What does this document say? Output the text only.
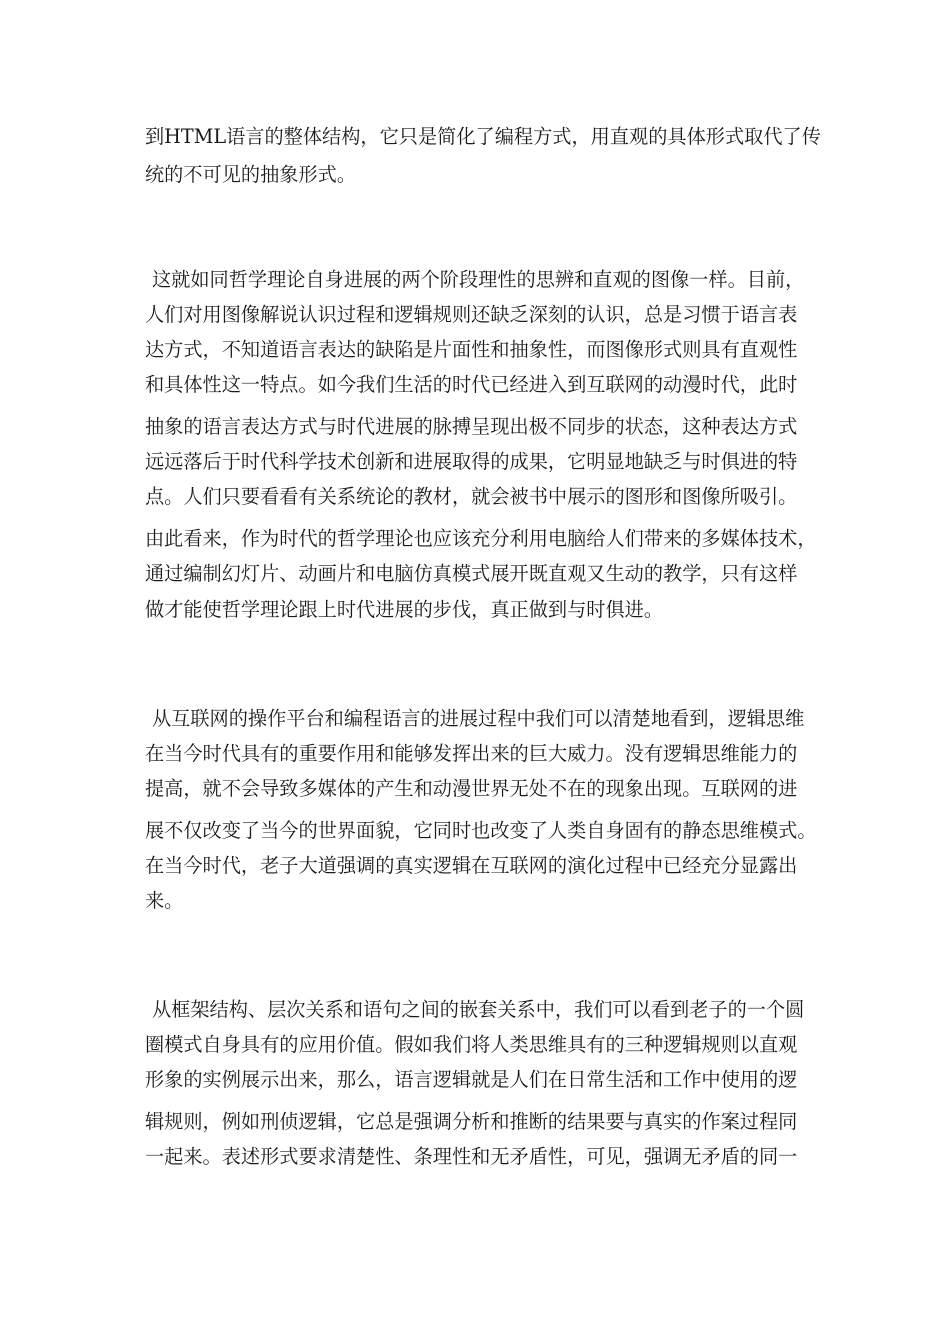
到HTML语言的整体结构，它只是简化了编程方式，用直观的具体形式取代了传
统的不可见的抽象形式。
这就如同哲学理论自身进展的两个阶段理性的思辨和直观的图像一样。目前，
人们对用图像解说认识过程和逻辑规则还缺乏深刻的认识，总是习惯于语言表
达方式，不知道语言表达的缺陷是片面性和抽象性，而图像形式则具有直观性
和具体性这一特点。如今我们生活的时代已经进入到互联网的动漫时代，此时
抽象的语言表达方式与时代进展的脉搏呈现出极不同步的状态，这种表达方式
远远落后于时代科学技术创新和进展取得的成果，它明显地缺乏与时俱进的特
点。人们只要看看有关系统论的教材，就会被书中展示的图形和图像所吸引。
由此看来，作为时代的哲学理论也应该充分利用电脑给人们带来的多媒体技术，
通过编制幻灯片、动画片和电脑仿真模式展开既直观又生动的教学，只有这样
做才能使哲学理论跟上时代进展的步伐，真正做到与时俱进。
从互联网的操作平台和编程语言的进展过程中我们可以清楚地看到，逻辑思维
在当今时代具有的重要作用和能够发挥出来的巨大威力。没有逻辑思维能力的
提高，就不会导致多媒体的产生和动漫世界无处不在的现象出现。互联网的进
展不仅改变了当今的世界面貌，它同时也改变了人类自身固有的静态思维模式。
在当今时代，老子大道强调的真实逻辑在互联网的演化过程中已经充分显露出
来。
从框架结构、层次关系和语句之间的嵌套关系中，我们可以看到老子的一个圆
圈模式自身具有的应用价值。假如我们将人类思维具有的三种逻辑规则以直观
形象的实例展示出来，那么，语言逻辑就是人们在日常生活和工作中使用的逻
辑规则，例如刑侦逻辑，它总是强调分析和推断的结果要与真实的作案过程同
一起来。表述形式要求清楚性、条理性和无矛盾性，可见，强调无矛盾的同一
